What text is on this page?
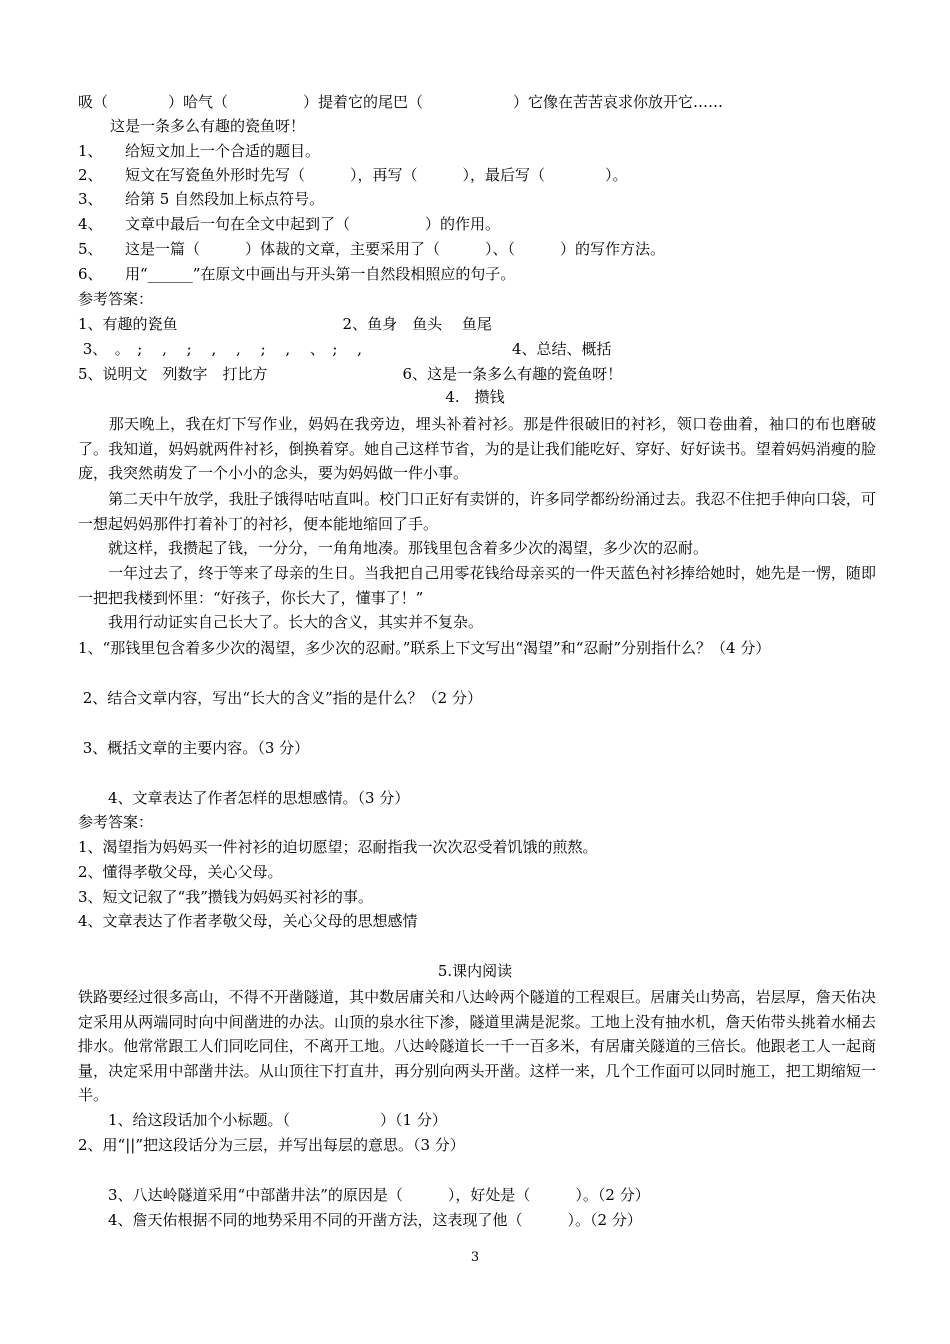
吸（　　　　）哈气（　　　　　）提着它的尾巴（　　　　　　）它像在苦苦哀求你放开它……
这是一条多么有趣的瓷鱼呀！
1、　　给短文加上一个合适的题目。
2、　　短文在写瓷鱼外形时先写（　　　），再写（　　　），最后写（　　　　）。
3、　　给第 5 自然段加上标点符号。
4、　　文章中最后一句在全文中起到了（　　　　　）的作用。
5、　　这是一篇（　　　）体裁的文章，主要采用了（　　　）、（　　　）的写作方法。
6、　　用“______”在原文中画出与开头第一自然段相照应的句子。
参考答案：
1、有趣的瓷鱼　　　　　　　　　　　2、鱼身　鱼头　 鱼尾
3、　。　;　 ,　 ;　 ,　 ,　 ;　 ,　 、　;　 ,　　　　　　　　　　4、总结、概括
5、说明文　列数字　打比方　　　　　　　　　6、这是一条多么有趣的瓷鱼呀！
4.　攒钱
　　那天晚上，我在灯下写作业，妈妈在我旁边，埋头补着衬衫。那是件很破旧的衬衫，领口卷曲着，袖口的布也磨破了。我知道，妈妈就两件衬衫，倒换着穿。她自己这样节省，为的是让我们能吃好、穿好、好好读书。望着妈妈消瘦的脸庞，我突然萌发了一个小小的念头，要为妈妈做一件小事。
　　第二天中午放学，我肚子饿得咕咕直叫。校门口正好有卖饼的，许多同学都纷纷涌过去。我忍不住把手伸向口袋，可一想起妈妈那件打着补丁的衬衫，便本能地缩回了手。
　　就这样，我攒起了钱，一分分，一角角地凑。那钱里包含着多少次的渴望，多少次的忍耐。
　　一年过去了，终于等来了母亲的生日。当我把自己用零花钱给母亲买的一件天蓝色衬衫捧给她时，她先是一愣，随即一把把我楼到怀里：“好孩子，你长大了，懂事了！”
　　我用行动证实自己长大了。长大的含义，其实并不复杂。
1、“那钱里包含着多少次的渴望，多少次的忍耐。”联系上下文写出“渴望”和“忍耐”分别指什么？（4 分）
2、结合文章内容，写出“长大的含义”指的是什么？（2 分）
3、概括文章的主要内容。（3 分）
　　4、文章表达了作者怎样的思想感情。（3 分）
参考答案：
1、渴望指为妈妈买一件衬衫的迫切愿望；忍耐指我一次次忍受着饥饿的煎熬。
2、懂得孝敬父母，关心父母。
3、短文记叙了“我”攒钱为妈妈买衬衫的事。
4、文章表达了作者孝敬父母，关心父母的思想感情
5.课内阅读
铁路要经过很多高山，不得不开凿隧道，其中数居庸关和八达岭两个隧道的工程艰巨。居庸关山势高，岩层厚，詹天佑决定采用从两端同时向中间凿进的办法。山顶的泉水往下渗，隧道里满是泥浆。工地上没有抽水机，詹天佑带头挑着水桶去排水。他常常跟工人们同吃同住，不离开工地。八达岭隧道长一千一百多米，有居庸关隧道的三倍长。他跟老工人一起商量，决定采用中部凿井法。从山顶往下打直井，再分别向两头开凿。这样一来，几个工作面可以同时施工，把工期缩短一半。
　　1、给这段话加个小标题。（　　　　　　）（1 分）
2、用“||”把这段话分为三层，并写出每层的意思。（3 分）
　　3、八达岭隧道采用“中部凿井法”的原因是（　　　），好处是（　　　）。（2 分）
　　4、詹天佑根据不同的地势采用不同的开凿方法，这表现了他（　　　）。（2 分）
3
